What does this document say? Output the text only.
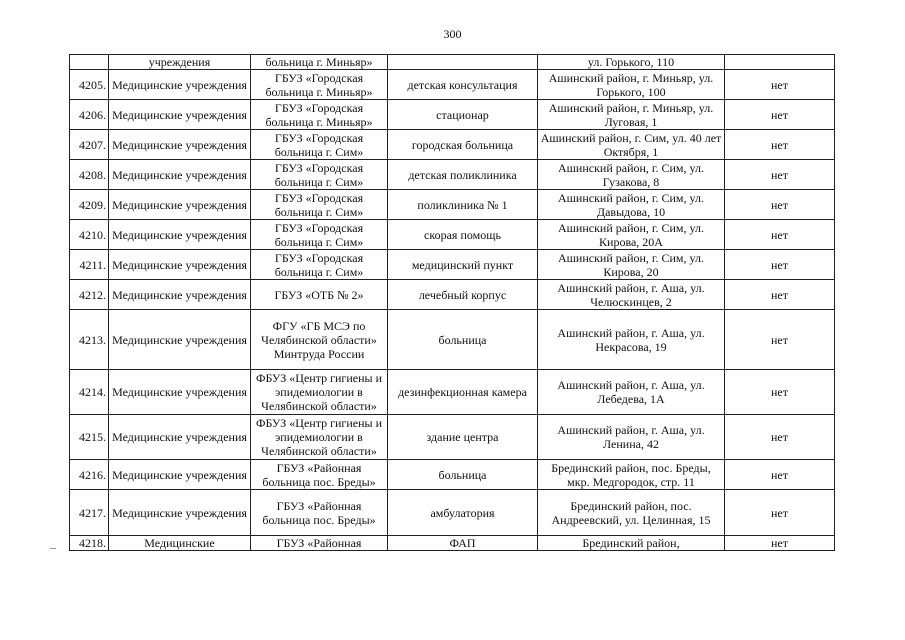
300
	учреждения	больница г. Миньяр»		ул. Горького, 110	
4205.	Медицинские учреждения	ГБУЗ «Городская больница г. Миньяр»	детская консультация	Ашинский район, г. Миньяр, ул. Горького, 100	нет
4206.	Медицинские учреждения	ГБУЗ «Городская больница г. Миньяр»	стационар	Ашинский район, г. Миньяр, ул. Луговая, 1	нет
4207.	Медицинские учреждения	ГБУЗ «Городская больница г. Сим»	городская больница	Ашинский район, г. Сим, ул. 40 лет Октября, 1	нет
4208.	Медицинские учреждения	ГБУЗ «Городская больница г. Сим»	детская поликлиника	Ашинский район, г. Сим, ул. Гузакова, 8	нет
4209.	Медицинские учреждения	ГБУЗ «Городская больница г. Сим»	поликлиника № 1	Ашинский район, г. Сим, ул. Давыдова, 10	нет
4210.	Медицинские учреждения	ГБУЗ «Городская больница г. Сим»	скорая помощь	Ашинский район, г. Сим, ул. Кирова, 20А	нет
4211.	Медицинские учреждения	ГБУЗ «Городская больница г. Сим»	медицинский пункт	Ашинский район, г. Сим, ул. Кирова, 20	нет
4212.	Медицинские учреждения	ГБУЗ «ОТБ № 2»	лечебный корпус	Ашинский район, г. Аша, ул. Челюскинцев, 2	нет
4213.	Медицинские учреждения	ФГУ «ГБ МСЭ по Челябинской области» Минтруда России	больница	Ашинский район, г. Аша, ул. Некрасова, 19	нет
4214.	Медицинские учреждения	ФБУЗ «Центр гигиены и эпидемиологии в Челябинской области»	дезинфекционная камера	Ашинский район, г. Аша, ул. Лебедева, 1А	нет
4215.	Медицинские учреждения	ФБУЗ «Центр гигиены и эпидемиологии в Челябинской области»	здание центра	Ашинский район, г. Аша, ул. Ленина, 42	нет
4216.	Медицинские учреждения	ГБУЗ «Районная больница пос. Бреды»	больница	Брединский район, пос. Бреды, мкр. Медгородок, стр. 11	нет
4217.	Медицинские учреждения	ГБУЗ «Районная больница пос. Бреды»	амбулатория	Брединский район, пос. Андреевский, ул. Целинная, 15	нет
4218.	Медицинские	ГБУЗ «Районная	ФАП	Брединский район,	нет
